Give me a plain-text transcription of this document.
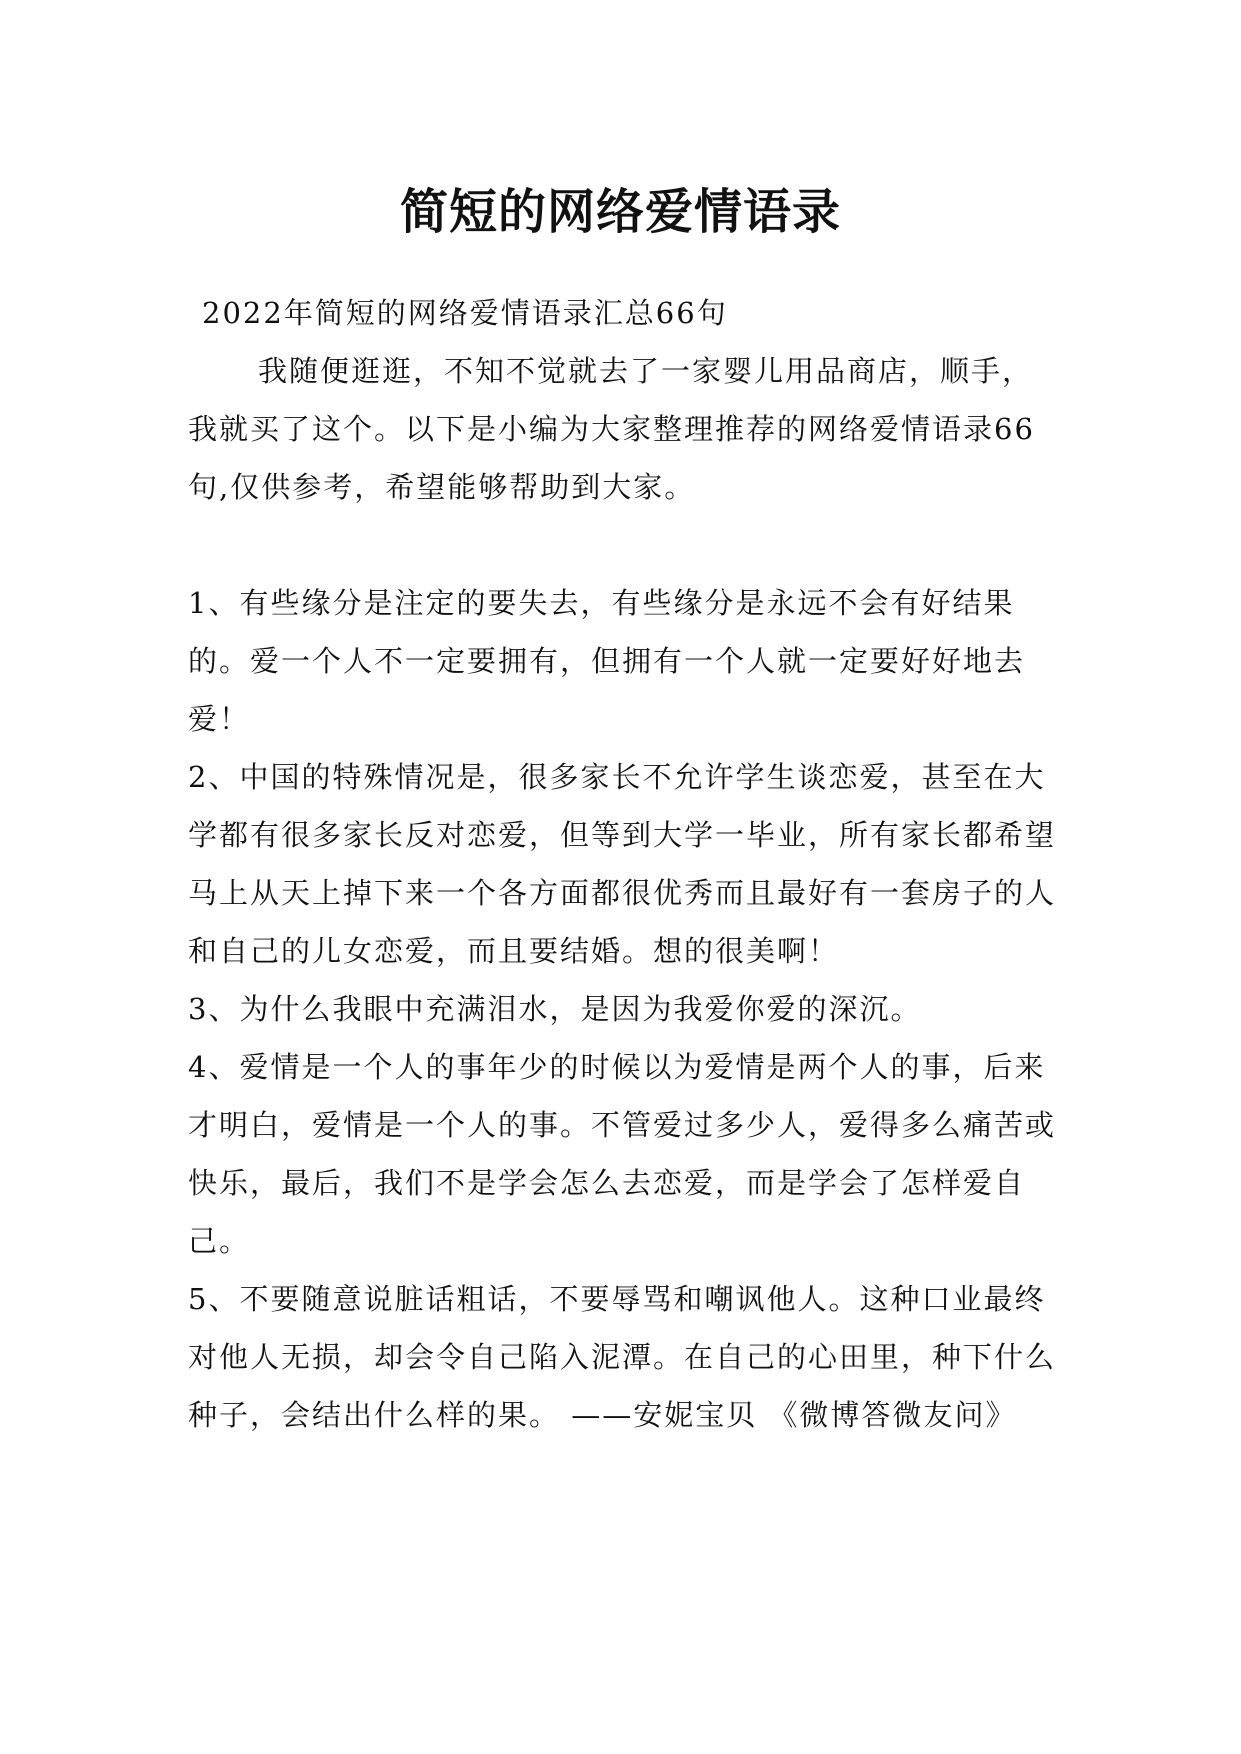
简短的网络爱情语录

2022年简短的网络爱情语录汇总66句

我随便逛逛，不知不觉就去了一家婴儿用品商店，顺手，我就买了这个。以下是小编为大家整理推荐的网络爱情语录66句,仅供参考，希望能够帮助到大家。

1、有些缘分是注定的要失去，有些缘分是永远不会有好结果的。爱一个人不一定要拥有，但拥有一个人就一定要好好地去爱！

2、中国的特殊情况是，很多家长不允许学生谈恋爱，甚至在大学都有很多家长反对恋爱，但等到大学一毕业，所有家长都希望马上从天上掉下来一个各方面都很优秀而且最好有一套房子的人和自己的儿女恋爱，而且要结婚。想的很美啊！

3、为什么我眼中充满泪水，是因为我爱你爱的深沉。

4、爱情是一个人的事年少的时候以为爱情是两个人的事，后来才明白，爱情是一个人的事。不管爱过多少人，爱得多么痛苦或快乐，最后，我们不是学会怎么去恋爱，而是学会了怎样爱自己。

5、不要随意说脏话粗话，不要辱骂和嘲讽他人。这种口业最终对他人无损，却会令自己陷入泥潭。在自己的心田里，种下什么种子，会结出什么样的果。 ——安妮宝贝 《微博答微友问》
